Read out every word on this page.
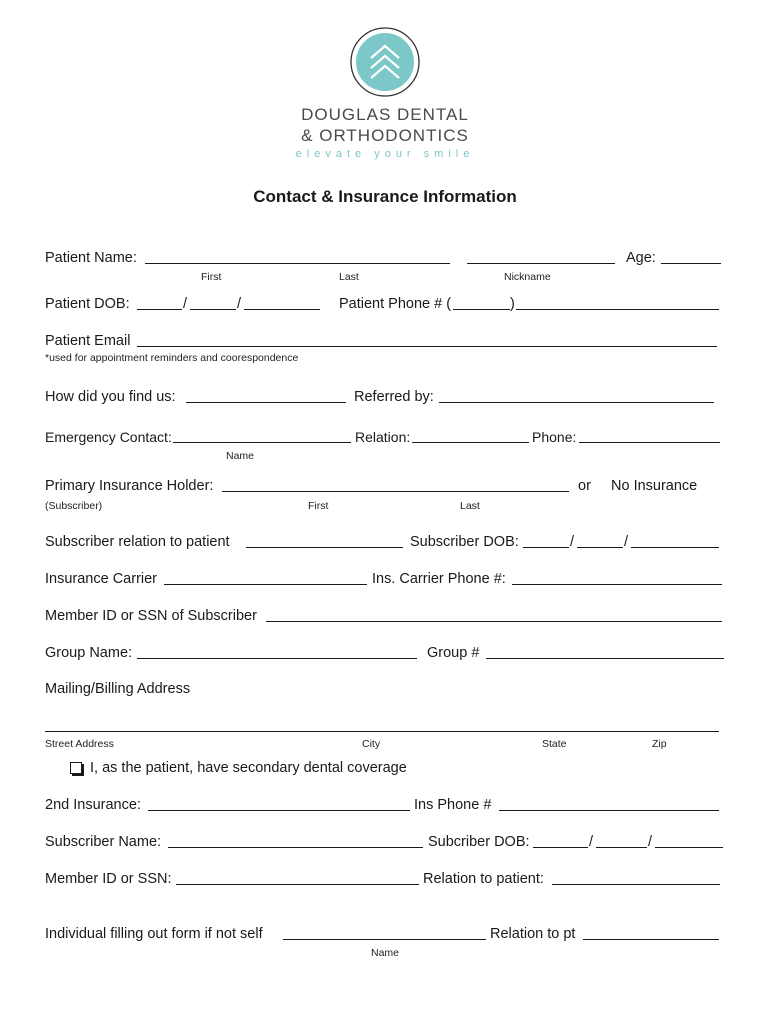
DOUGLAS DENTAL
& ORTHODONTICS
elevate your smile
Contact & Insurance Information
Patient Name:	Age:
First	Last	Nickname
Patient DOB:	/	/	Patient Phone # (	)
Patient Email
*used for appointment reminders and coorespondence
How did you find us:	Referred by:
Emergency Contact:	Relation:	Phone:
Name
Primary Insurance Holder:	or No Insurance
(Subscriber)	First	Last
Subscriber relation to patient	Subscriber DOB:	/	/
Insurance Carrier	Ins. Carrier Phone #:
Member ID or SSN of Subscriber
Group Name:	Group #
Mailing/Billing Address
Street Address	City	State	Zip
I, as the patient, have secondary dental coverage
2nd Insurance:	Ins Phone #
Subscriber Name:	Subcriber DOB:	/	/
Member ID or SSN:	Relation to patient:
Individual filling out form if not self	Relation to pt
Name
